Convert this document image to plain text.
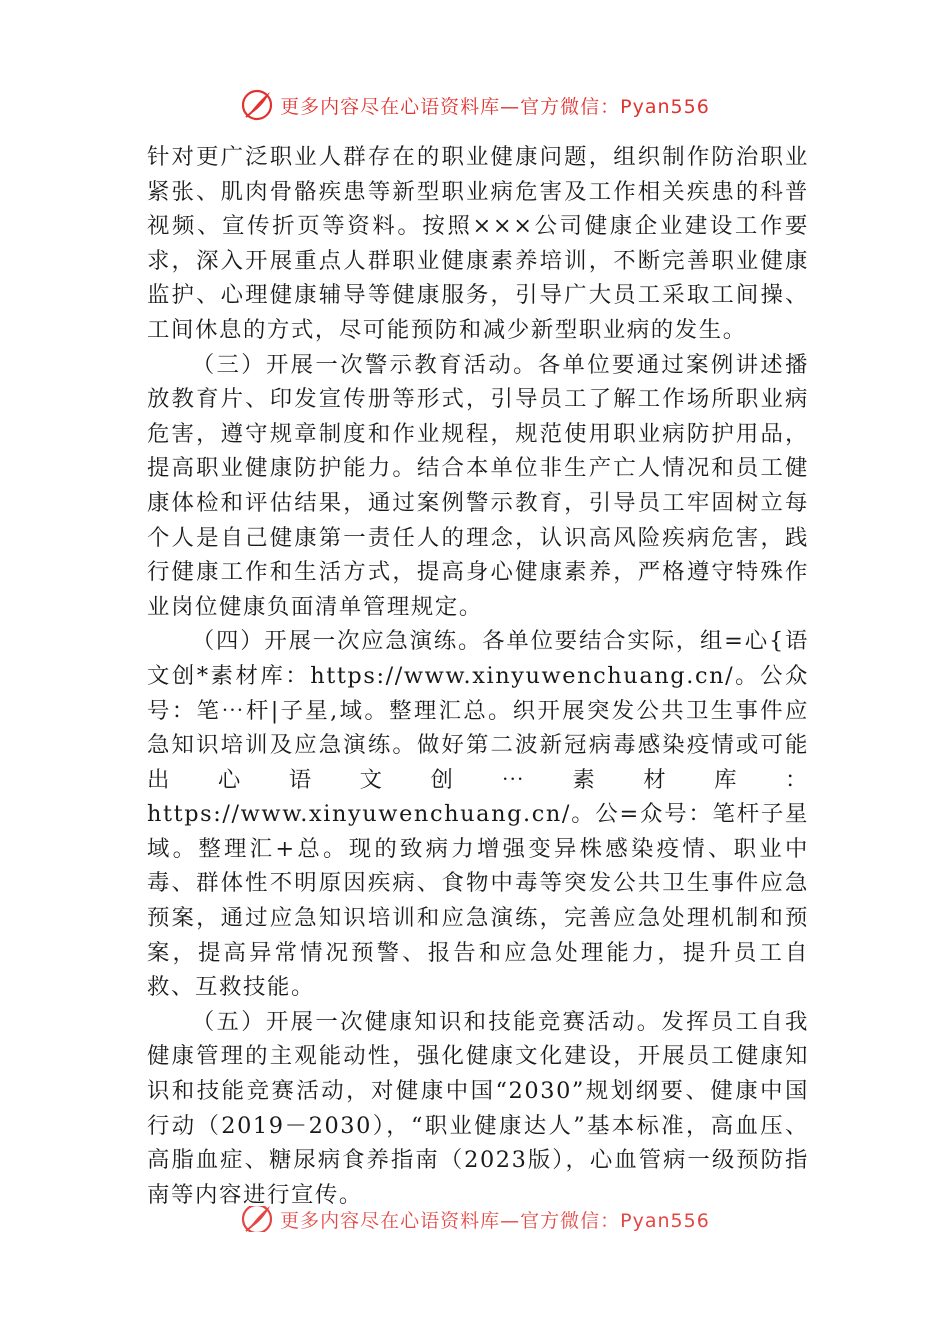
更多内容尽在心语资料库—官方微信：Pyan556

针对更广泛职业人群存在的职业健康问题，组织制作防治职业紧张、肌肉骨骼疾患等新型职业病危害及工作相关疾患的科普视频、宣传折页等资料。按照×××公司健康企业建设工作要求，深入开展重点人群职业健康素养培训，不断完善职业健康监护、心理健康辅导等健康服务，引导广大员工采取工间操、工间休息的方式，尽可能预防和减少新型职业病的发生。

（三）开展一次警示教育活动。各单位要通过案例讲述播放教育片、印发宣传册等形式，引导员工了解工作场所职业病危害，遵守规章制度和作业规程，规范使用职业病防护用品，提高职业健康防护能力。结合本单位非生产亡人情况和员工健康体检和评估结果，通过案例警示教育，引导员工牢固树立每个人是自己健康第一责任人的理念，认识高风险疾病危害，践行健康工作和生活方式，提高身心健康素养，严格遵守特殊作业岗位健康负面清单管理规定。

（四）开展一次应急演练。各单位要结合实际，组=心{语文创*素材库：https://www.xinyuwenchuang.cn/。公众号：笔⋯杆|子星,域。整理汇总。织开展突发公共卫生事件应急知识培训及应急演练。做好第二波新冠病毒感染疫情或可能出心语文创⋯素材库：https://www.xinyuwenchuang.cn/。公=众号：笔杆子星域。整理汇+总。现的致病力增强变异株感染疫情、职业中毒、群体性不明原因疾病、食物中毒等突发公共卫生事件应急预案，通过应急知识培训和应急演练，完善应急处理机制和预案，提高异常情况预警、报告和应急处理能力，提升员工自救、互救技能。

（五）开展一次健康知识和技能竞赛活动。发挥员工自我健康管理的主观能动性，强化健康文化建设，开展员工健康知识和技能竞赛活动，对健康中国“2030”规划纲要、健康中国行动（2019－2030），“职业健康达人”基本标准，高血压、高脂血症、糖尿病食养指南（2023版），心血管病一级预防指南等内容进行宣传。

更多内容尽在心语资料库—官方微信：Pyan556
